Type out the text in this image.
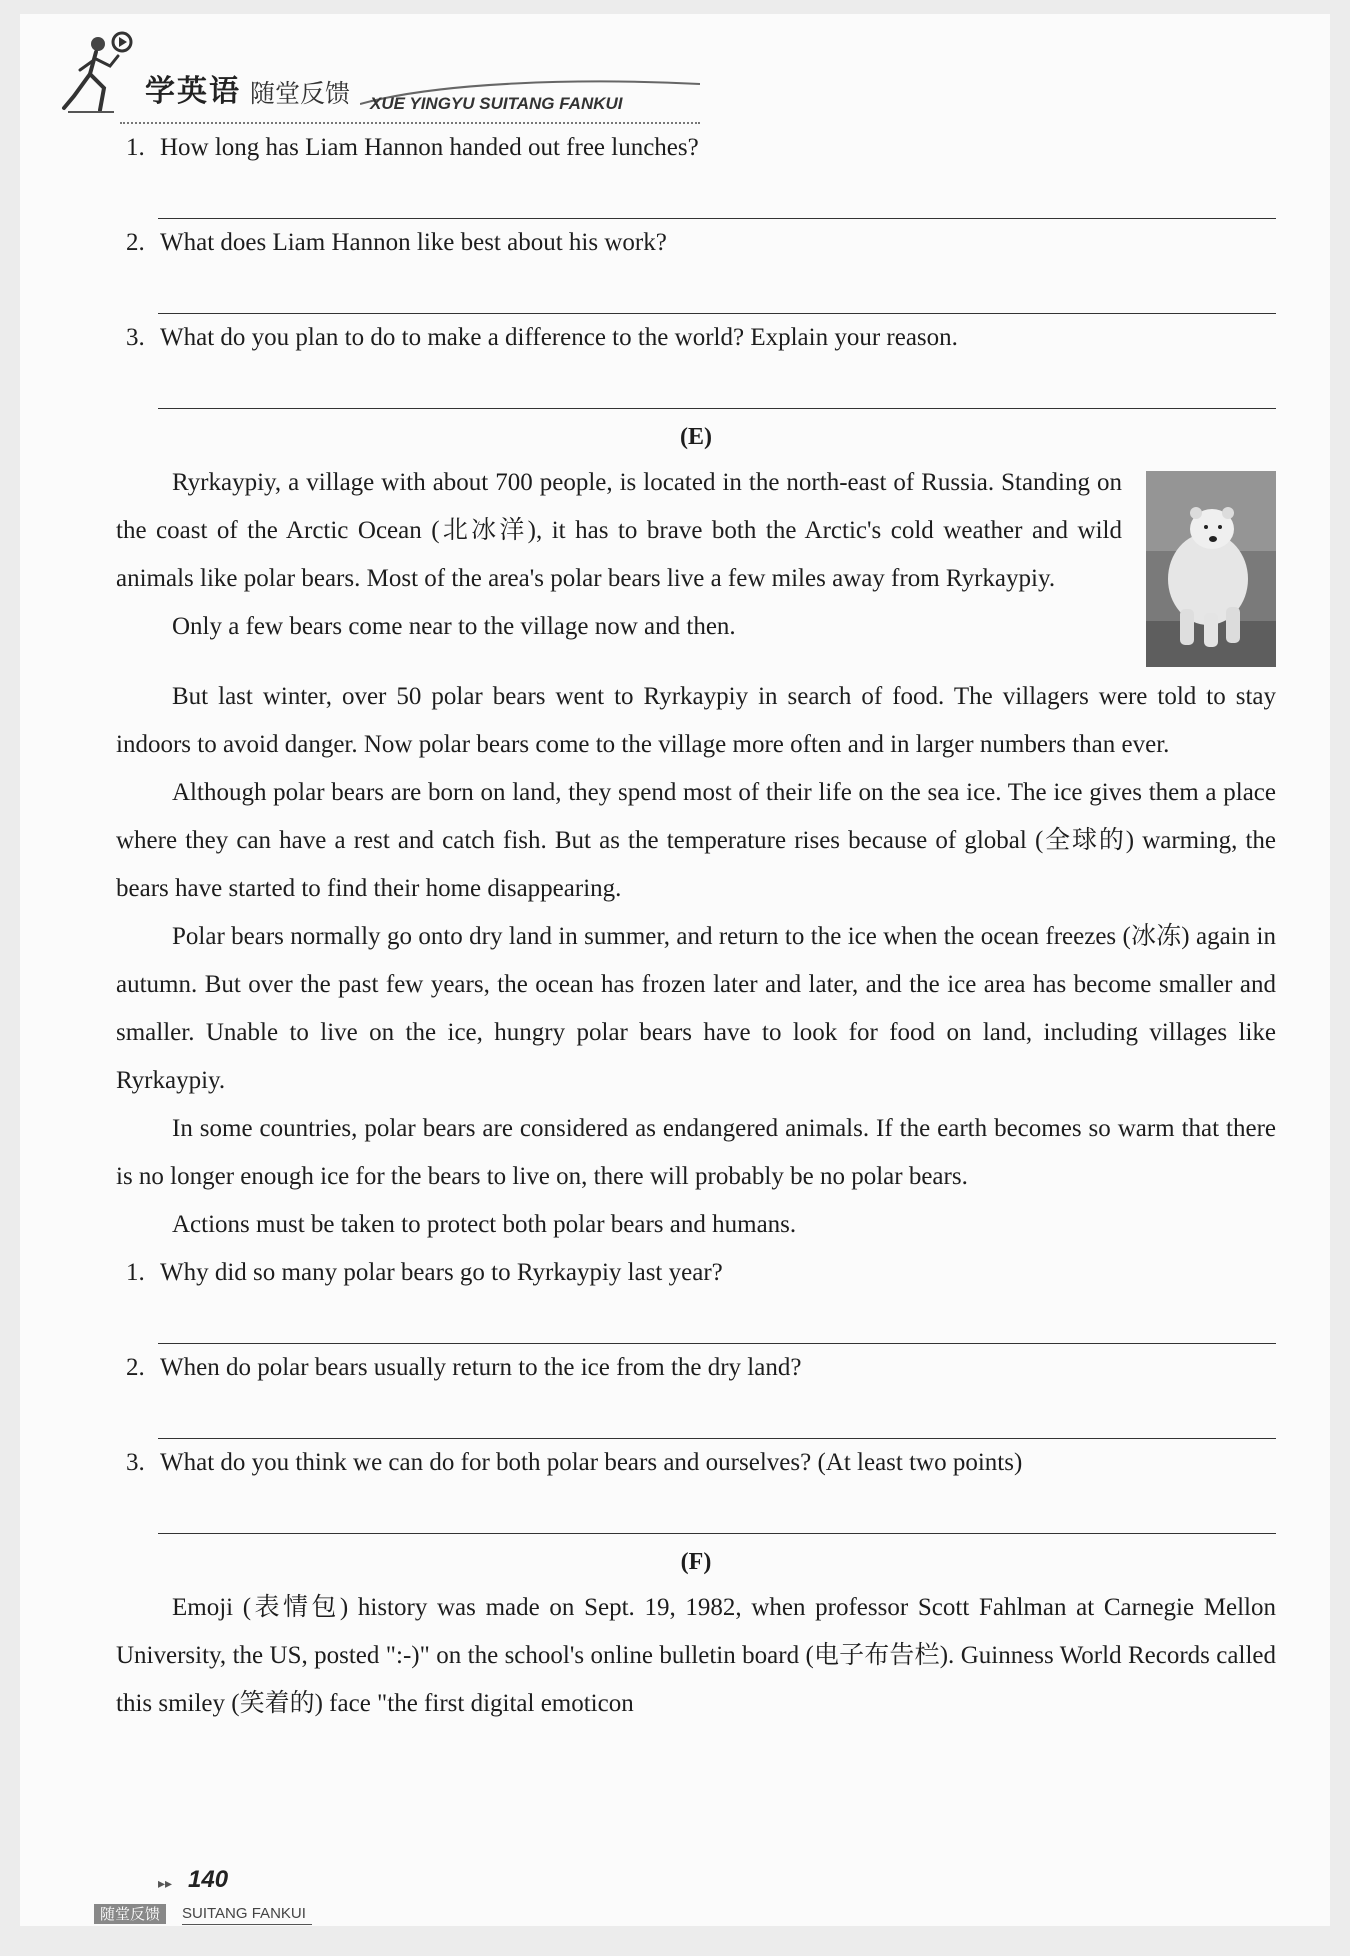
学英语 随堂反馈 XUE YINGYU SUITANG FANKUI
1. How long has Liam Hannon handed out free lunches?
2. What does Liam Hannon like best about his work?
3. What do you plan to do to make a difference to the world? Explain your reason.
(E)

Ryrkaypiy, a village with about 700 people, is located in the north-east of Russia. Standing on the coast of the Arctic Ocean (北冰洋), it has to brave both the Arctic's cold weather and wild animals like polar bears. Most of the area's polar bears live a few miles away from Ryrkaypiy.

Only a few bears come near to the village now and then.

But last winter, over 50 polar bears went to Ryrkaypiy in search of food. The villagers were told to stay indoors to avoid danger. Now polar bears come to the village more often and in larger numbers than ever.

Although polar bears are born on land, they spend most of their life on the sea ice. The ice gives them a place where they can have a rest and catch fish. But as the temperature rises because of global (全球的) warming, the bears have started to find their home disappearing.

Polar bears normally go onto dry land in summer, and return to the ice when the ocean freezes (冰冻) again in autumn. But over the past few years, the ocean has frozen later and later, and the ice area has become smaller and smaller. Unable to live on the ice, hungry polar bears have to look for food on land, including villages like Ryrkaypiy.

In some countries, polar bears are considered as endangered animals. If the earth becomes so warm that there is no longer enough ice for the bears to live on, there will probably be no polar bears.

Actions must be taken to protect both polar bears and humans.

1. Why did so many polar bears go to Ryrkaypiy last year?
2. When do polar bears usually return to the ice from the dry land?
3. What do you think we can do for both polar bears and ourselves? (At least two points)
(F)

Emoji (表情包) history was made on Sept. 19, 1982, when professor Scott Fahlman at Carnegie Mellon University, the US, posted ":-)" on the school's online bulletin board (电子布告栏). Guinness World Records called this smiley (笑着的) face "the first digital emoticon

▸▸ 140
随堂反馈	SUITANG FANKUI
